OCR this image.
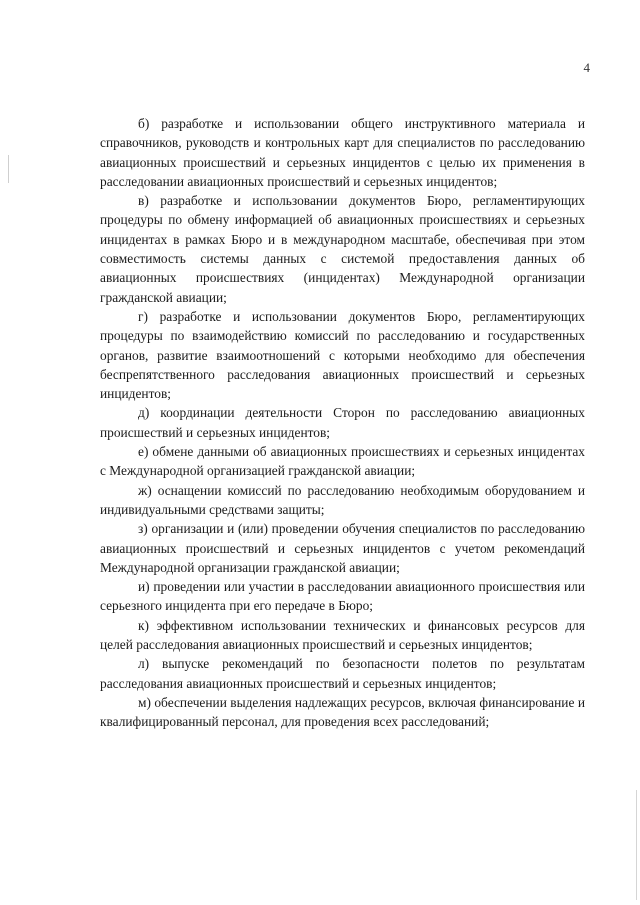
4

б) разработке и использовании общего инструктивного материала и справочников, руководств и контрольных карт для специалистов по расследованию авиационных происшествий и серьезных инцидентов с целью их применения в расследовании авиационных происшествий и серьезных инцидентов;

в) разработке и использовании документов Бюро, регламентирующих процедуры по обмену информацией об авиационных происшествиях и серьезных инцидентах в рамках Бюро и в международном масштабе, обеспечивая при этом совместимость системы данных с системой предоставления данных об авиационных происшествиях (инцидентах) Международной организации гражданской авиации;

г) разработке и использовании документов Бюро, регламентирующих процедуры по взаимодействию комиссий по расследованию и государственных органов, развитие взаимоотношений с которыми необходимо для обеспечения беспрепятственного расследования авиационных происшествий и серьезных инцидентов;

д) координации деятельности Сторон по расследованию авиационных происшествий и серьезных инцидентов;

е) обмене данными об авиационных происшествиях и серьезных инцидентах с Международной организацией гражданской авиации;

ж) оснащении комиссий по расследованию необходимым оборудованием и индивидуальными средствами защиты;

з) организации и (или) проведении обучения специалистов по расследованию авиационных происшествий и серьезных инцидентов с учетом рекомендаций Международной организации гражданской авиации;

и) проведении или участии в расследовании авиационного происшествия или серьезного инцидента при его передаче в Бюро;

к) эффективном использовании технических и финансовых ресурсов для целей расследования авиационных происшествий и серьезных инцидентов;

л) выпуске рекомендаций по безопасности полетов по результатам расследования авиационных происшествий и серьезных инцидентов;

м) обеспечении выделения надлежащих ресурсов, включая финансирование и квалифицированный персонал, для проведения всех расследований;
